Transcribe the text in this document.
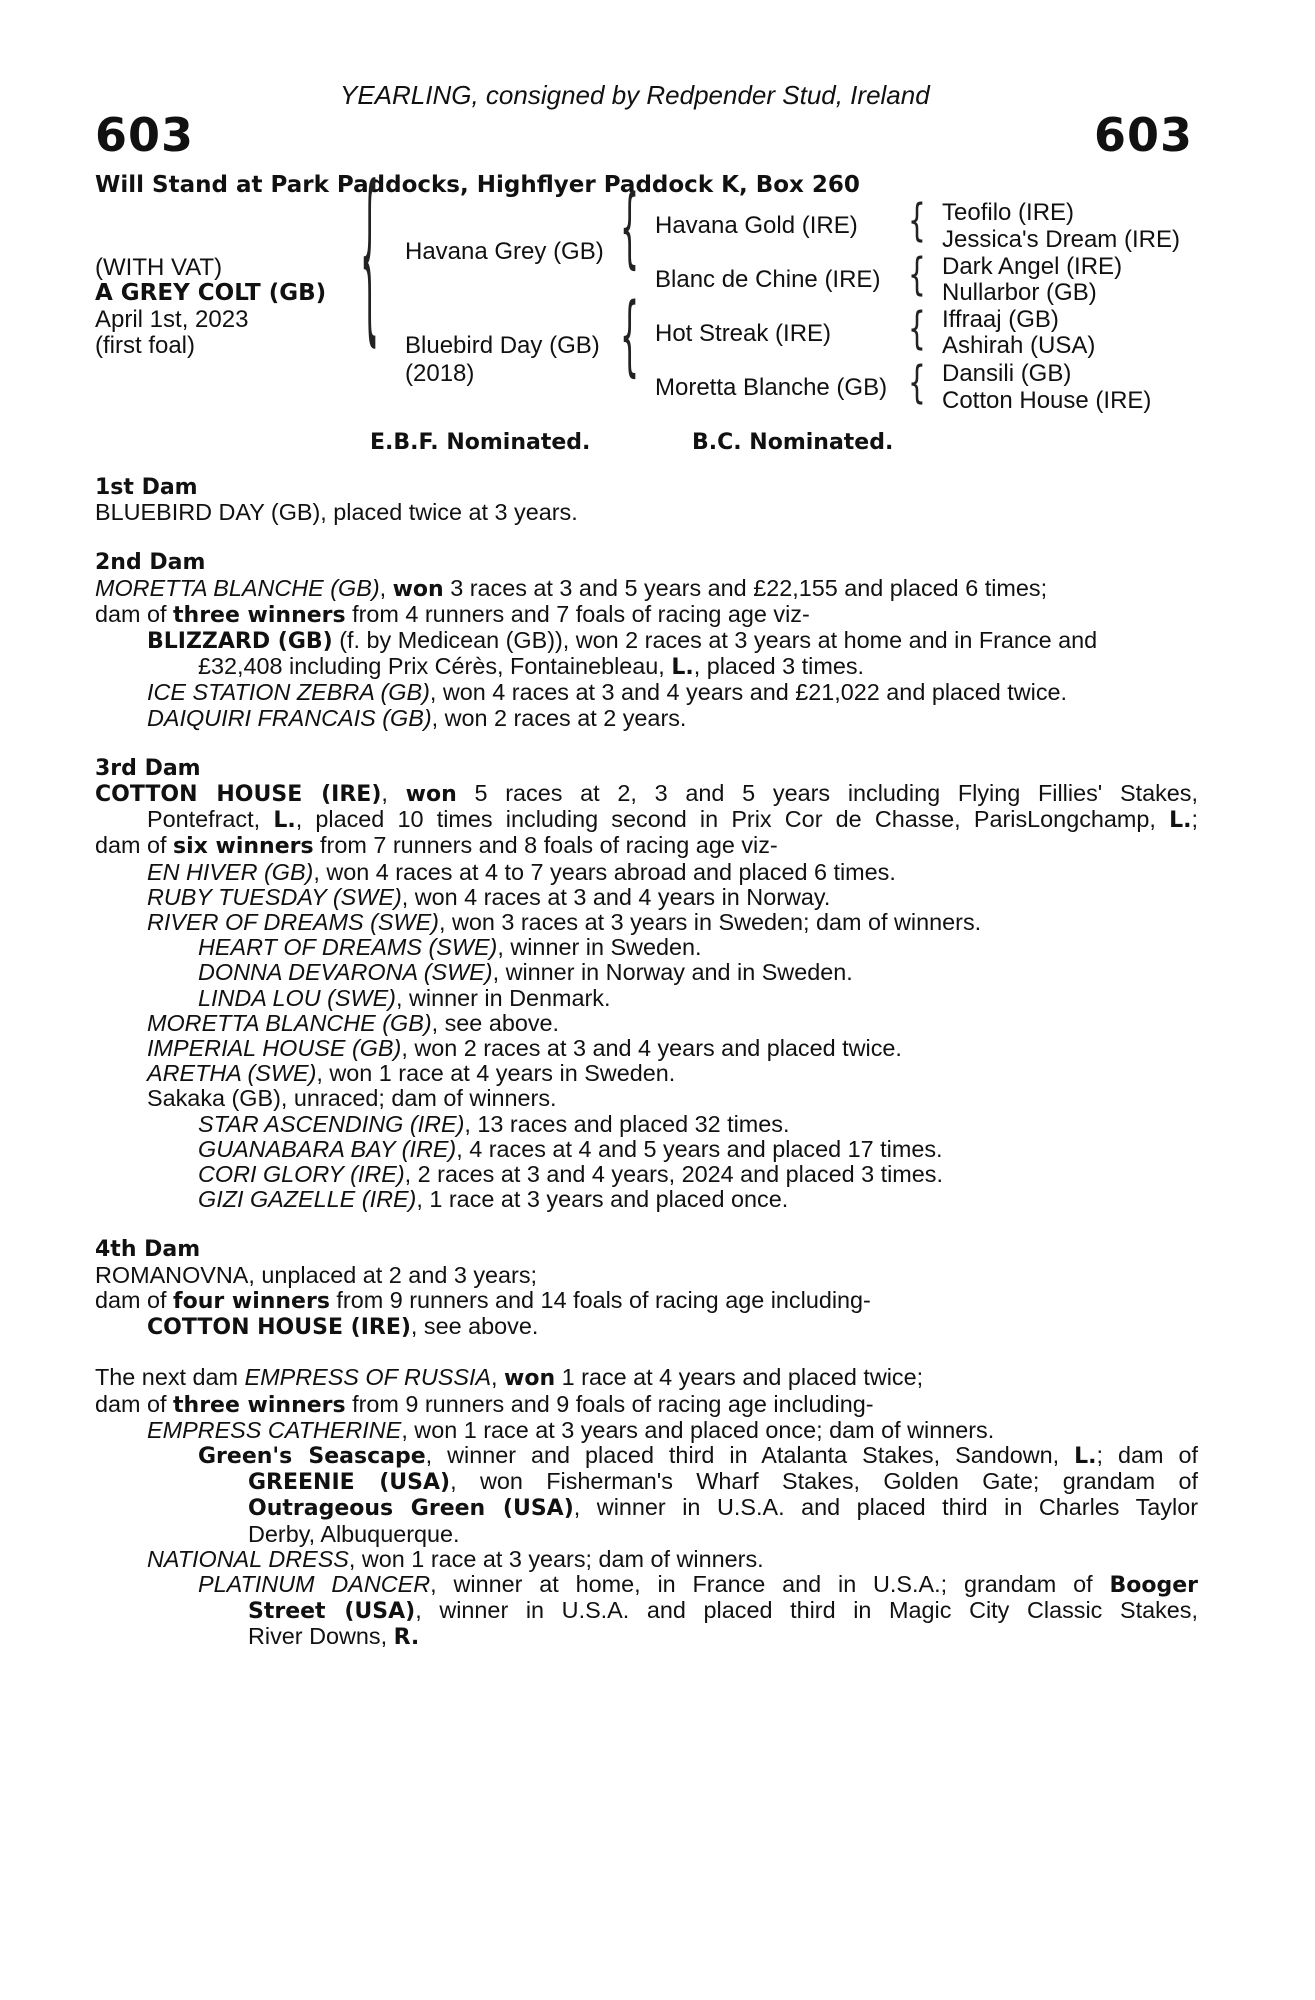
YEARLING, consigned by Redpender Stud, Ireland
603	603
Will Stand at Park Paddocks, Highflyer Paddock K, Box 260
(WITH VAT)
A GREY COLT (GB)
April 1st, 2023
(first foal)	{	{
{
{
{
{
{
Havana Grey (GB)
Bluebird Day (GB)
(2018)
Havana Gold (IRE)
Blanc de Chine (IRE)
Hot Streak (IRE)
Moretta Blanche (GB)
Teofilo (IRE)
Jessica's Dream (IRE)
Dark Angel (IRE)
Nullarbor (GB)
Iffraaj (GB)
Ashirah (USA)
Dansili (GB)
Cotton House (IRE)
E.B.F. Nominated.	B.C. Nominated.
1st Dam
BLUEBIRD DAY (GB), placed twice at 3 years.
2nd Dam
MORETTA BLANCHE (GB), won 3 races at 3 and 5 years and £22,155 and placed 6 times;
dam of three winners from 4 runners and 7 foals of racing age viz-
BLIZZARD (GB) (f. by Medicean (GB)), won 2 races at 3 years at home and in France and
£32,408 including Prix Cérès, Fontainebleau, L., placed 3 times.
ICE STATION ZEBRA (GB), won 4 races at 3 and 4 years and £21,022 and placed twice.
DAIQUIRI FRANCAIS (GB), won 2 races at 2 years.
3rd Dam
COTTON HOUSE (IRE), won 5 races at 2, 3 and 5 years including Flying Fillies' Stakes,
Pontefract, L., placed 10 times including second in Prix Cor de Chasse, ParisLongchamp, L.;
dam of six winners from 7 runners and 8 foals of racing age viz-
EN HIVER (GB), won 4 races at 4 to 7 years abroad and placed 6 times.
RUBY TUESDAY (SWE), won 4 races at 3 and 4 years in Norway.
RIVER OF DREAMS (SWE), won 3 races at 3 years in Sweden; dam of winners.
HEART OF DREAMS (SWE), winner in Sweden.
DONNA DEVARONA (SWE), winner in Norway and in Sweden.
LINDA LOU (SWE), winner in Denmark.
MORETTA BLANCHE (GB), see above.
IMPERIAL HOUSE (GB), won 2 races at 3 and 4 years and placed twice.
ARETHA (SWE), won 1 race at 4 years in Sweden.
Sakaka (GB), unraced; dam of winners.
STAR ASCENDING (IRE), 13 races and placed 32 times.
GUANABARA BAY (IRE), 4 races at 4 and 5 years and placed 17 times.
CORI GLORY (IRE), 2 races at 3 and 4 years, 2024 and placed 3 times.
GIZI GAZELLE (IRE), 1 race at 3 years and placed once.
4th Dam
ROMANOVNA, unplaced at 2 and 3 years;
dam of four winners from 9 runners and 14 foals of racing age including-
COTTON HOUSE (IRE), see above.
The next dam EMPRESS OF RUSSIA, won 1 race at 4 years and placed twice;
dam of three winners from 9 runners and 9 foals of racing age including-
EMPRESS CATHERINE, won 1 race at 3 years and placed once; dam of winners.
Green's Seascape, winner and placed third in Atalanta Stakes, Sandown, L.; dam of
GREENIE (USA), won Fisherman's Wharf Stakes, Golden Gate; grandam of
Outrageous Green (USA), winner in U.S.A. and placed third in Charles Taylor
Derby, Albuquerque.
NATIONAL DRESS, won 1 race at 3 years; dam of winners.
PLATINUM DANCER, winner at home, in France and in U.S.A.; grandam of Booger
Street (USA), winner in U.S.A. and placed third in Magic City Classic Stakes,
River Downs, R.
